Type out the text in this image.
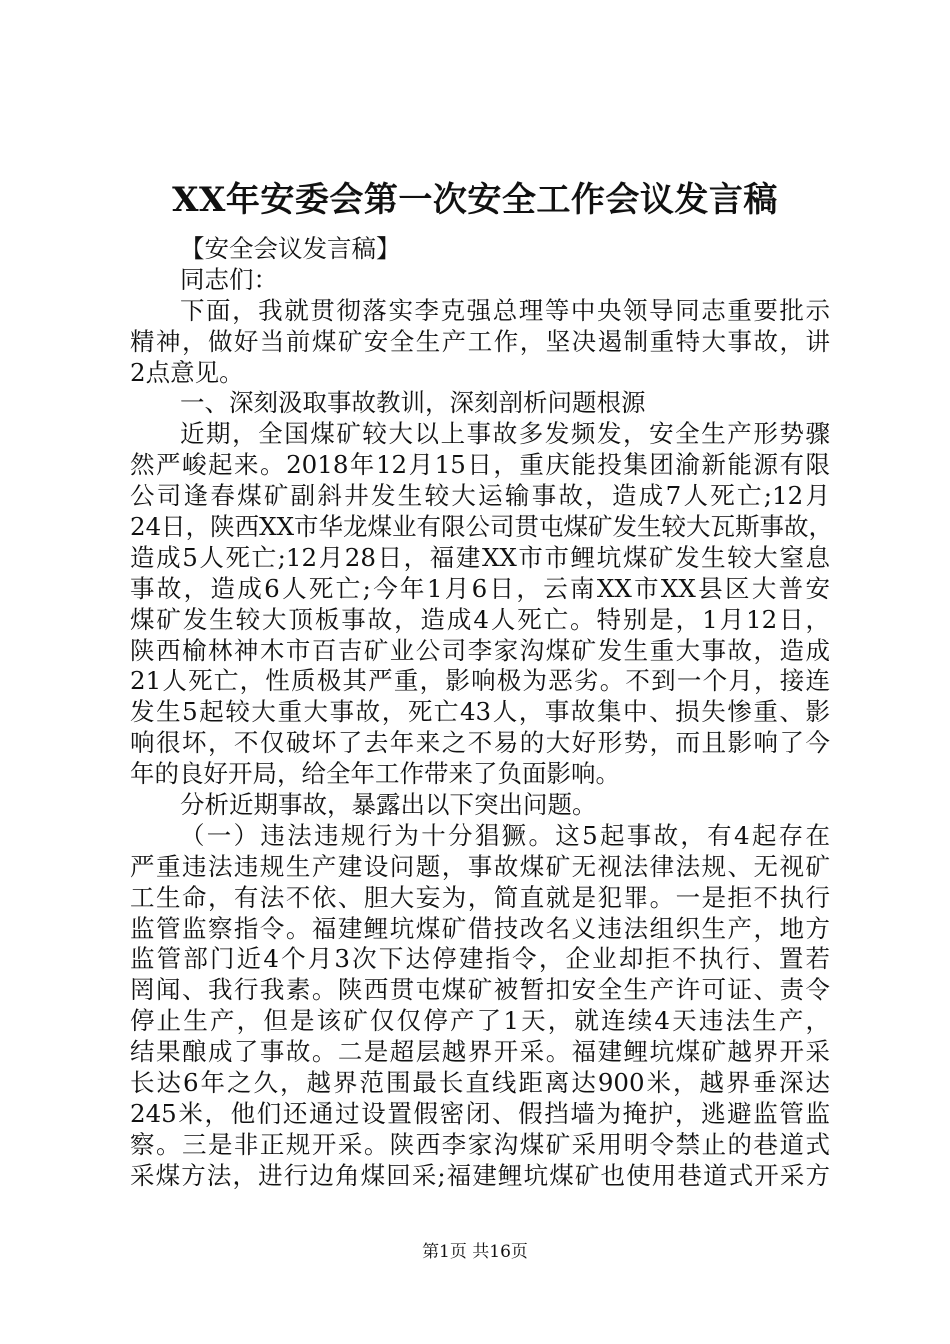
XX年安委会第一次安全工作会议发言稿
【安全会议发言稿】
同志们：
下面，我就贯彻落实李克强总理等中央领导同志重要批示
精神，做好当前煤矿安全生产工作，坚决遏制重特大事故，讲
2点意见。
一、深刻汲取事故教训，深刻剖析问题根源
近期，全国煤矿较大以上事故多发频发，安全生产形势骤
然严峻起来。2018年12月15日，重庆能投集团渝新能源有限
公司逢春煤矿副斜井发生较大运输事故，造成7人死亡;12月
24日，陕西XX市华龙煤业有限公司贯屯煤矿发生较大瓦斯事故，
造成5人死亡;12月28日，福建XX市市鲤坑煤矿发生较大窒息
事故，造成6人死亡;今年1月6日，云南XX市XX县区大普安
煤矿发生较大顶板事故，造成4人死亡。特别是，1月12日，
陕西榆林神木市百吉矿业公司李家沟煤矿发生重大事故，造成
21人死亡，性质极其严重，影响极为恶劣。不到一个月，接连
发生5起较大重大事故，死亡43人，事故集中、损失惨重、影
响很坏，不仅破坏了去年来之不易的大好形势，而且影响了今
年的良好开局，给全年工作带来了负面影响。
分析近期事故，暴露出以下突出问题。
（一）违法违规行为十分猖獗。这5起事故，有4起存在
严重违法违规生产建设问题，事故煤矿无视法律法规、无视矿
工生命，有法不依、胆大妄为，简直就是犯罪。一是拒不执行
监管监察指令。福建鲤坑煤矿借技改名义违法组织生产，地方
监管部门近4个月3次下达停建指令，企业却拒不执行、置若
罔闻、我行我素。陕西贯屯煤矿被暂扣安全生产许可证、责令
停止生产，但是该矿仅仅停产了1天，就连续4天违法生产，
结果酿成了事故。二是超层越界开采。福建鲤坑煤矿越界开采
长达6年之久，越界范围最长直线距离达900米，越界垂深达
245米，他们还通过设置假密闭、假挡墙为掩护，逃避监管监
察。三是非正规开采。陕西李家沟煤矿采用明令禁止的巷道式
采煤方法，进行边角煤回采;福建鲤坑煤矿也使用巷道式开采方
第1页 共16页
